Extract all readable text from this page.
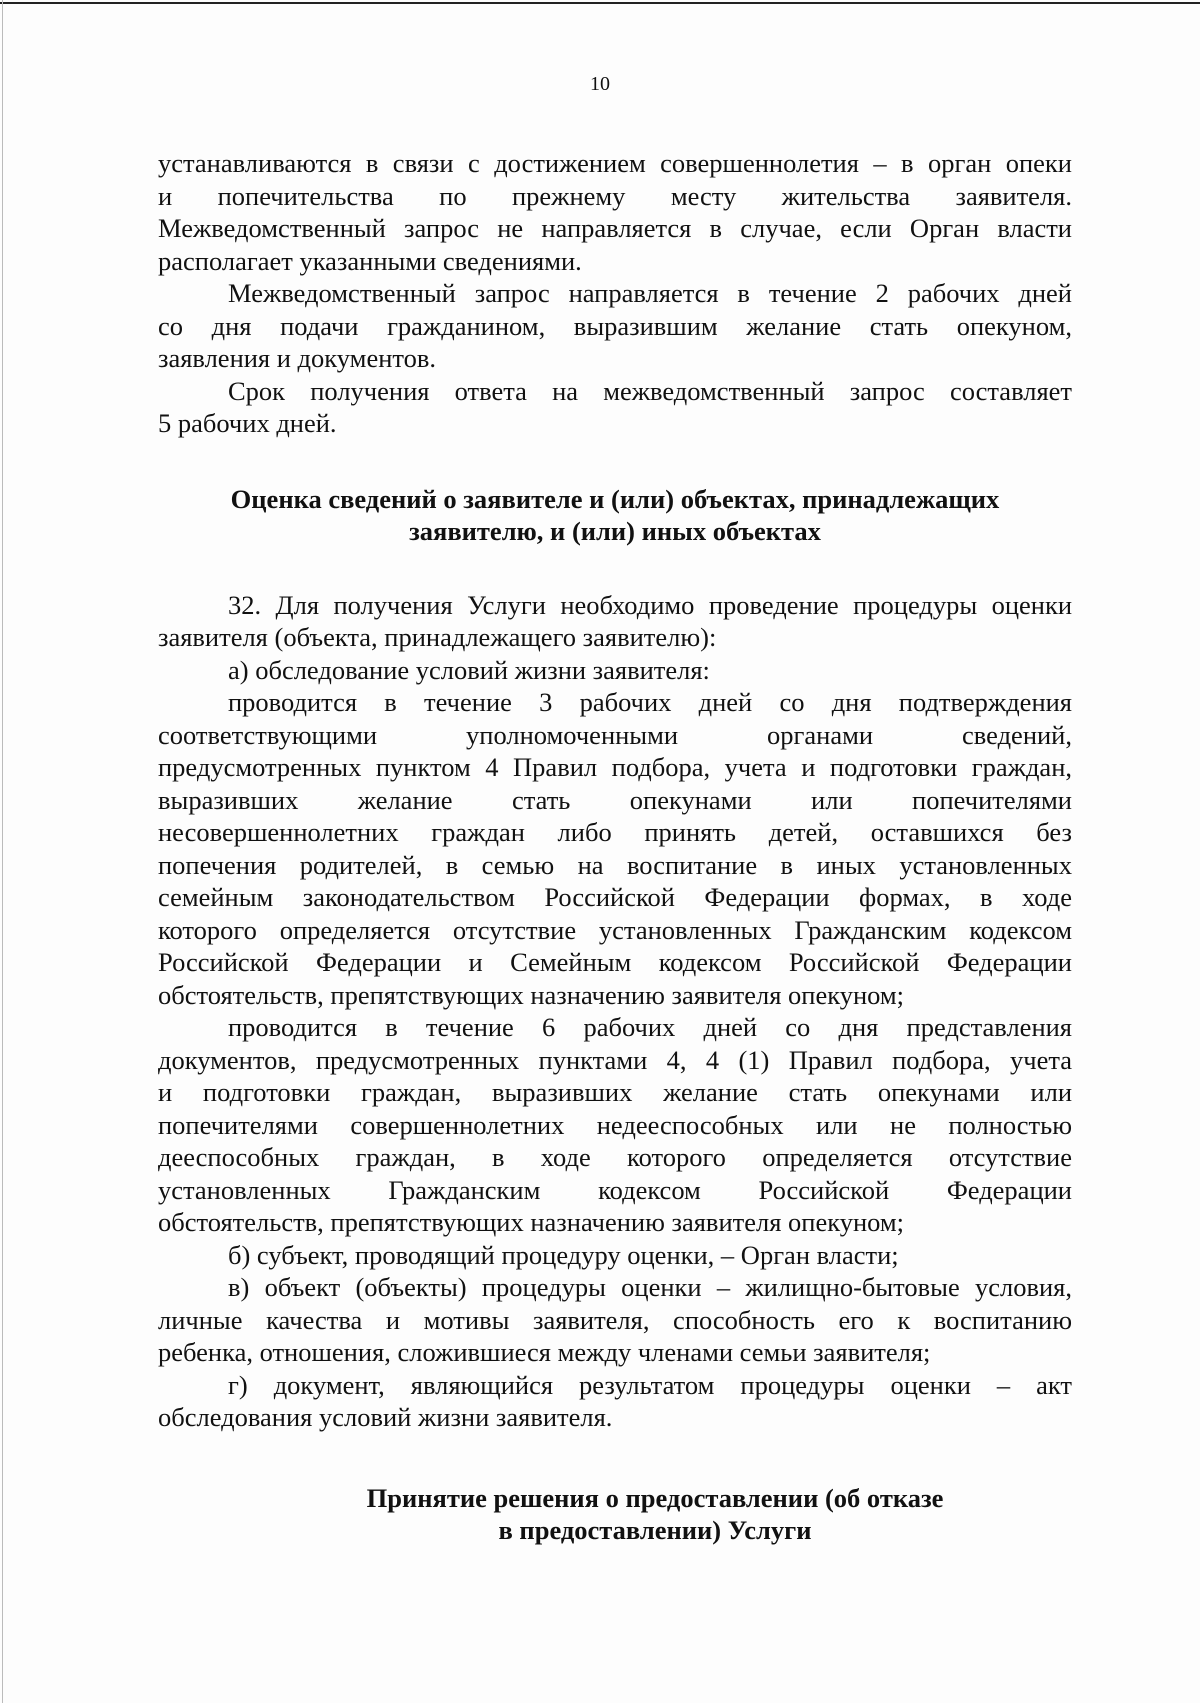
10

устанавливаются в связи с достижением совершеннолетия – в орган опеки
и попечительства по прежнему месту жительства заявителя.
Межведомственный запрос не направляется в случае, если Орган власти
располагает указанными сведениями.

Межведомственный запрос направляется в течение 2 рабочих дней
со дня подачи гражданином, выразившим желание стать опекуном,
заявления и документов.

Срок получения ответа на межведомственный запрос составляет
5 рабочих дней.

Оценка сведений о заявителе и (или) объектах, принадлежащих
заявителю, и (или) иных объектах

32. Для получения Услуги необходимо проведение процедуры оценки
заявителя (объекта, принадлежащего заявителю):

а) обследование условий жизни заявителя:

проводится в течение 3 рабочих дней со дня подтверждения
соответствующими уполномоченными органами сведений,
предусмотренных пунктом 4 Правил подбора, учета и подготовки граждан,
выразивших желание стать опекунами или попечителями
несовершеннолетних граждан либо принять детей, оставшихся без
попечения родителей, в семью на воспитание в иных установленных
семейным законодательством Российской Федерации формах, в ходе
которого определяется отсутствие установленных Гражданским кодексом
Российской Федерации и Семейным кодексом Российской Федерации
обстоятельств, препятствующих назначению заявителя опекуном;

проводится в течение 6 рабочих дней со дня представления
документов, предусмотренных пунктами 4, 4 (1) Правил подбора, учета
и подготовки граждан, выразивших желание стать опекунами или
попечителями совершеннолетних недееспособных или не полностью
дееспособных граждан, в ходе которого определяется отсутствие
установленных Гражданским кодексом Российской Федерации
обстоятельств, препятствующих назначению заявителя опекуном;

б) субъект, проводящий процедуру оценки, – Орган власти;

в) объект (объекты) процедуры оценки – жилищно-бытовые условия,
личные качества и мотивы заявителя, способность его к воспитанию
ребенка, отношения, сложившиеся между членами семьи заявителя;

г) документ, являющийся результатом процедуры оценки – акт
обследования условий жизни заявителя.

Принятие решения о предоставлении (об отказе
в предоставлении) Услуги
